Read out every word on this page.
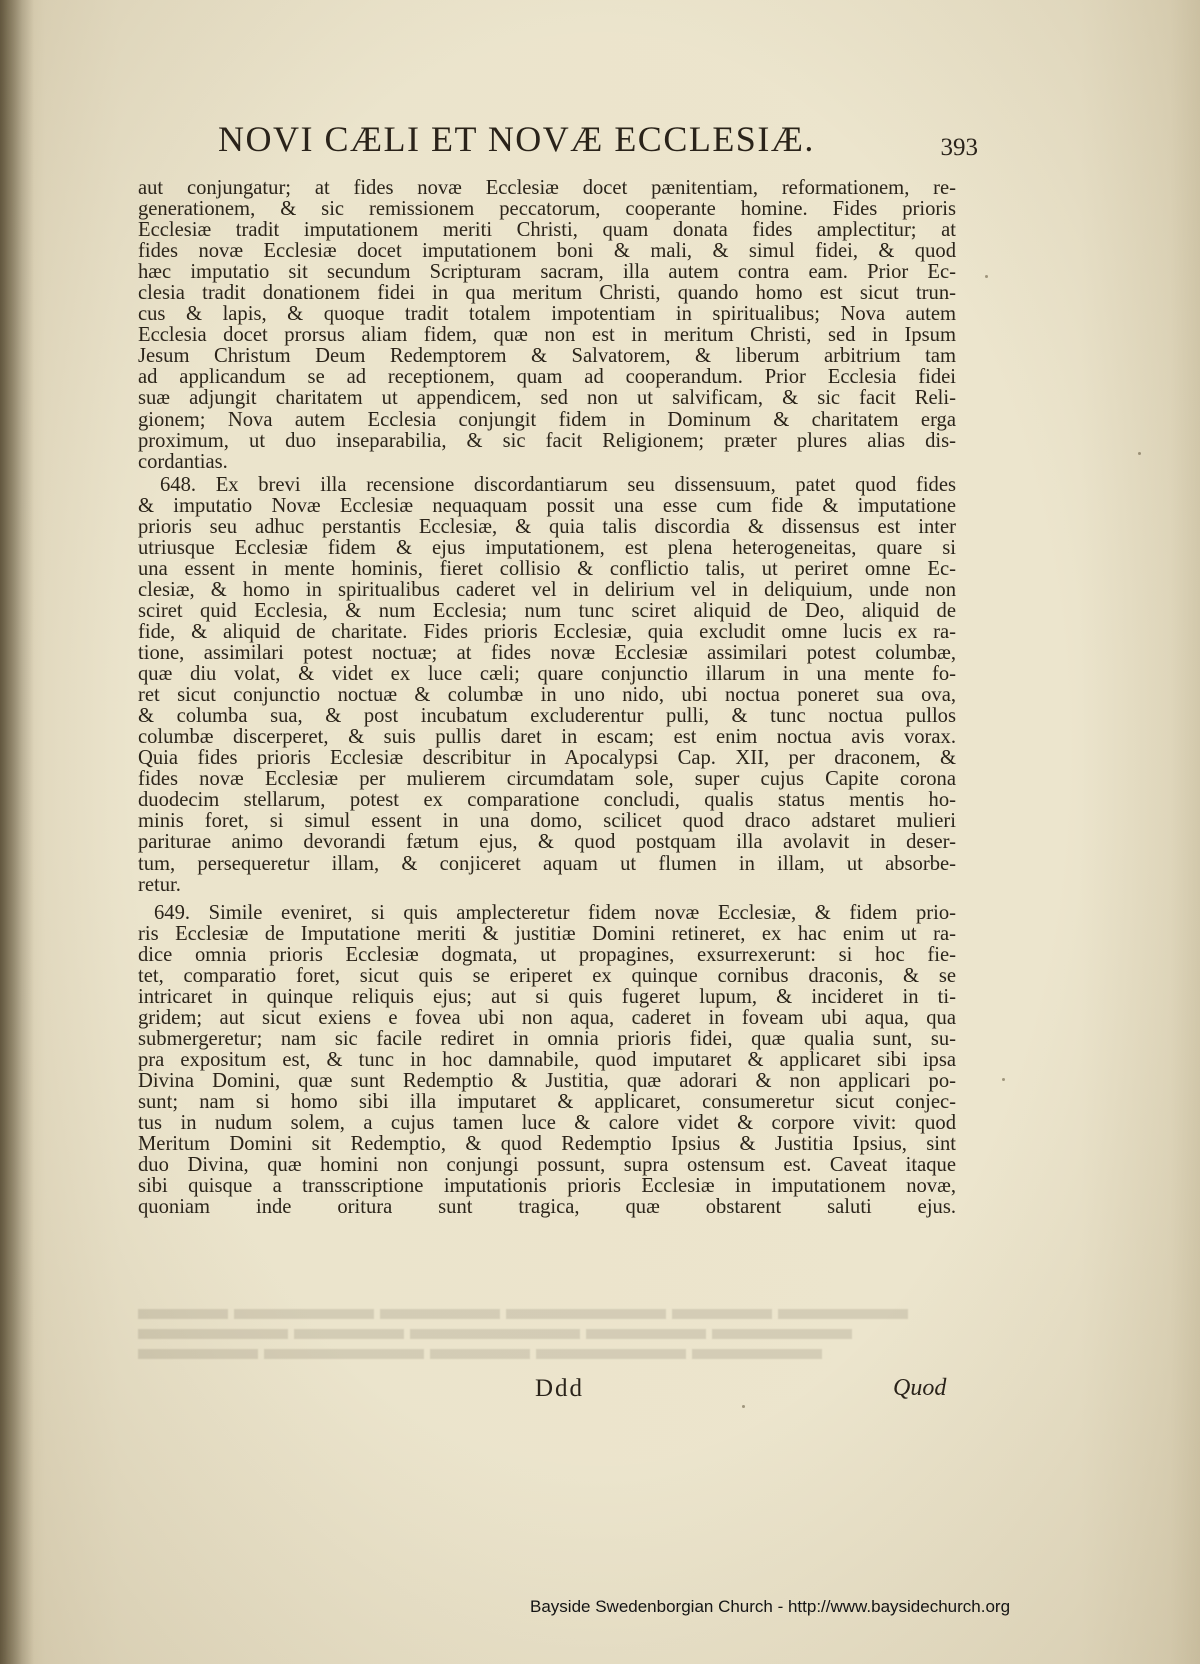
NOVI CÆLI ET NOVÆ ECCLESIÆ.	393
aut conjungatur; at fides novæ Ecclesiæ docet pænitentiam, reformationem, re-
generationem, & sic remissionem peccatorum, cooperante homine. Fides prioris
Ecclesiæ tradit imputationem meriti Christi, quam donata fides amplectitur; at
fides novæ Ecclesiæ docet imputationem boni & mali, & simul fidei, & quod
hæc imputatio sit secundum Scripturam sacram, illa autem contra eam. Prior Ec-
clesia tradit donationem fidei in qua meritum Christi, quando homo est sicut trun-
cus & lapis, & quoque tradit totalem impotentiam in spiritualibus; Nova autem
Ecclesia docet prorsus aliam fidem, quæ non est in meritum Christi, sed in Ipsum
Jesum Christum Deum Redemptorem & Salvatorem, & liberum arbitrium tam
ad applicandum se ad receptionem, quam ad cooperandum. Prior Ecclesia fidei
suæ adjungit charitatem ut appendicem, sed non ut salvificam, & sic facit Reli-
gionem; Nova autem Ecclesia conjungit fidem in Dominum & charitatem erga
proximum, ut duo inseparabilia, & sic facit Religionem; præter plures alias dis-
cordantias.
648. Ex brevi illa recensione discordantiarum seu dissensuum, patet quod fides
& imputatio Novæ Ecclesiæ nequaquam possit una esse cum fide & imputatione
prioris seu adhuc perstantis Ecclesiæ, & quia talis discordia & dissensus est inter
utriusque Ecclesiæ fidem & ejus imputationem, est plena heterogeneitas, quare si
una essent in mente hominis, fieret collisio & conflictio talis, ut periret omne Ec-
clesiæ, & homo in spiritualibus caderet vel in delirium vel in deliquium, unde non
sciret quid Ecclesia, & num Ecclesia; num tunc sciret aliquid de Deo, aliquid de
fide, & aliquid de charitate. Fides prioris Ecclesiæ, quia excludit omne lucis ex ra-
tione, assimilari potest noctuæ; at fides novæ Ecclesiæ assimilari potest columbæ,
quæ diu volat, & videt ex luce cæli; quare conjunctio illarum in una mente fo-
ret sicut conjunctio noctuæ & columbæ in uno nido, ubi noctua poneret sua ova,
& columba sua, & post incubatum excluderentur pulli, & tunc noctua pullos
columbæ discerperet, & suis pullis daret in escam; est enim noctua avis vorax.
Quia fides prioris Ecclesiæ describitur in Apocalypsi Cap. XII, per draconem, &
fides novæ Ecclesiæ per mulierem circumdatam sole, super cujus Capite corona
duodecim stellarum, potest ex comparatione concludi, qualis status mentis ho-
minis foret, si simul essent in una domo, scilicet quod draco adstaret mulieri
pariturae animo devorandi fætum ejus, & quod postquam illa avolavit in deser-
tum, persequeretur illam, & conjiceret aquam ut flumen in illam, ut absorbe-
retur.
649. Simile eveniret, si quis amplecteretur fidem novæ Ecclesiæ, & fidem prio-
ris Ecclesiæ de Imputatione meriti & justitiæ Domini retineret, ex hac enim ut ra-
dice omnia prioris Ecclesiæ dogmata, ut propagines, exsurrexerunt: si hoc fie-
tet, comparatio foret, sicut quis se eriperet ex quinque cornibus draconis, & se
intricaret in quinque reliquis ejus; aut si quis fugeret lupum, & incideret in ti-
gridem; aut sicut exiens e fovea ubi non aqua, caderet in foveam ubi aqua, qua
submergeretur; nam sic facile rediret in omnia prioris fidei, quæ qualia sunt, su-
pra expositum est, & tunc in hoc damnabile, quod imputaret & applicaret sibi ipsa
Divina Domini, quæ sunt Redemptio & Justitia, quæ adorari & non applicari po-
sunt; nam si homo sibi illa imputaret & applicaret, consumeretur sicut conjec-
tus in nudum solem, a cujus tamen luce & calore videt & corpore vivit: quod
Meritum Domini sit Redemptio, & quod Redemptio Ipsius & Justitia Ipsius, sint
duo Divina, quæ homini non conjungi possunt, supra ostensum est. Caveat itaque
sibi quisque a transscriptione imputationis prioris Ecclesiæ in imputationem novæ,
quoniam inde oritura sunt tragica, quæ obstarent saluti ejus.
Ddd	Quod
Bayside Swedenborgian Church - http://www.baysidechurch.org
